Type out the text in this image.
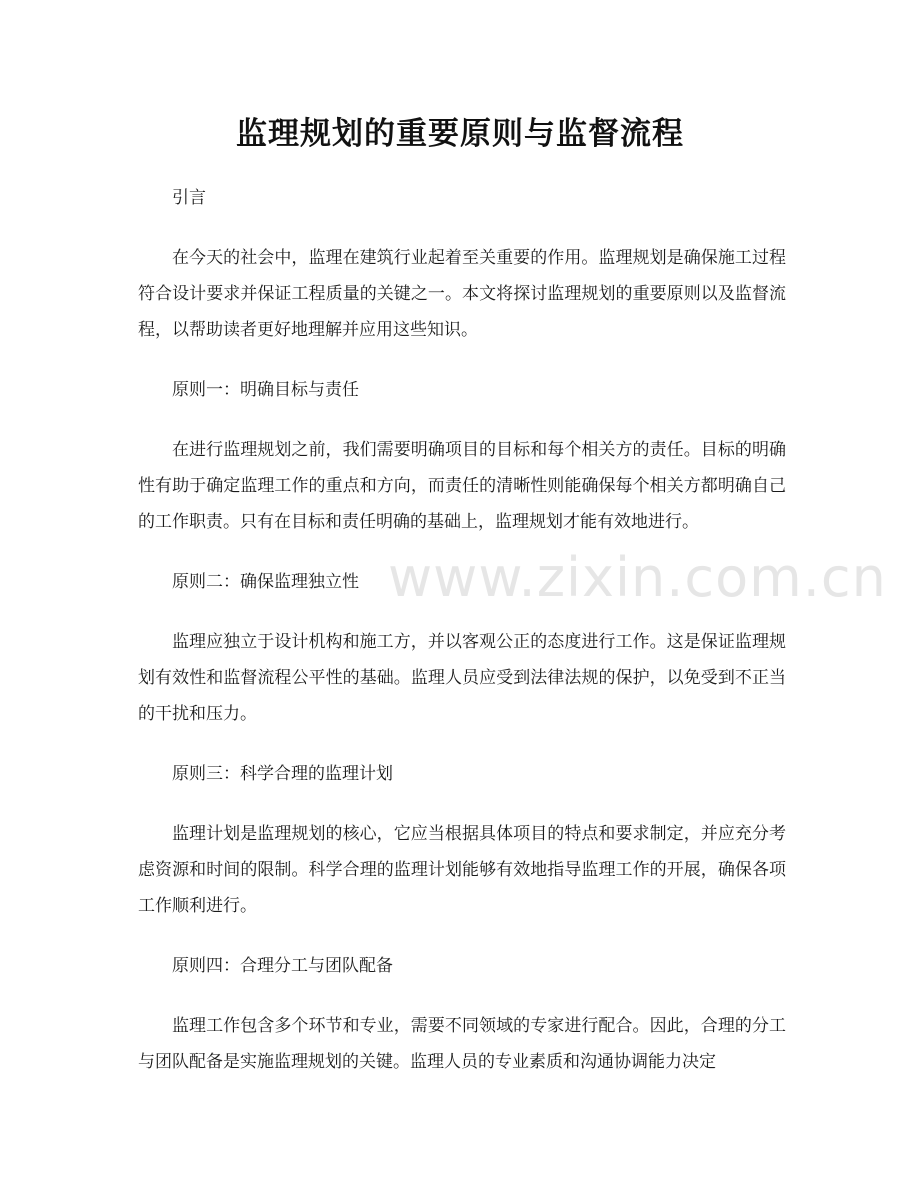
监理规划的重要原则与监督流程
www.zixin.com.cn

引言

在今天的社会中，监理在建筑行业起着至关重要的作用。监理规划是确保施工过程符合设计要求并保证工程质量的关键之一。本文将探讨监理规划的重要原则以及监督流程，以帮助读者更好地理解并应用这些知识。

原则一：明确目标与责任

在进行监理规划之前，我们需要明确项目的目标和每个相关方的责任。目标的明确性有助于确定监理工作的重点和方向，而责任的清晰性则能确保每个相关方都明确自己的工作职责。只有在目标和责任明确的基础上，监理规划才能有效地进行。

原则二：确保监理独立性

监理应独立于设计机构和施工方，并以客观公正的态度进行工作。这是保证监理规划有效性和监督流程公平性的基础。监理人员应受到法律法规的保护，以免受到不正当的干扰和压力。

原则三：科学合理的监理计划

监理计划是监理规划的核心，它应当根据具体项目的特点和要求制定，并应充分考虑资源和时间的限制。科学合理的监理计划能够有效地指导监理工作的开展，确保各项工作顺利进行。

原则四：合理分工与团队配备

监理工作包含多个环节和专业，需要不同领域的专家进行配合。因此，合理的分工与团队配备是实施监理规划的关键。监理人员的专业素质和沟通协调能力决定
